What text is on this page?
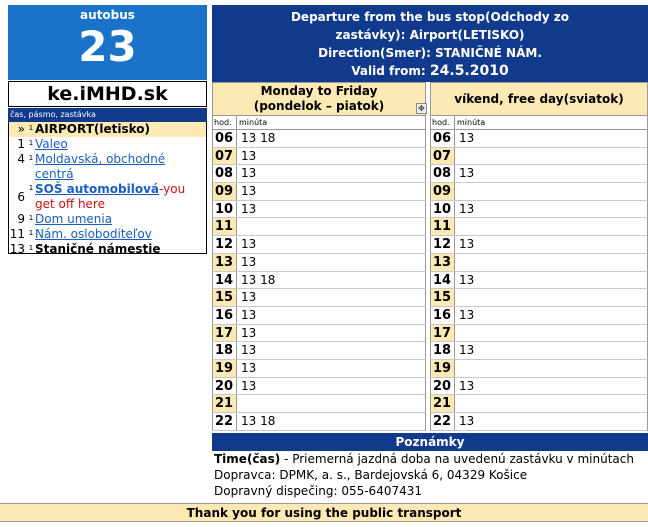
autobus
23
ke.iMHD.sk
čas, pásmo, zastávka
» 1 AIRPORT(letisko)
1 1 Valeo
4 1 Moldavská, obchodné centrá
6
1 SOŠ automobilová-you
get off here
9 1 Dom umenia
11 1 Nám. osloboditeľov
13 1 Staničné námestie
Departure from the bus stop(Odchody zo
zastávky): Airport(LETISKO)
Direction(Smer): STANIČNÉ NÁM.
Valid from: 24.5.2010
Monday to Friday
(pondelok – piatok)	✥
hod. minúta
06 13 18
07 13
08 13
09 13
10 13
11
12 13
13 13
14 13 18
15 13
16 13
17 13
18 13
19 13
20 13
21
22 13 18
víkend, free day(sviatok)
hod. minúta
06 13
07
08 13
09
10 13
11
12 13
13
14 13
15
16 13
17
18 13
19
20 13
21
22 13
Poznámky
Time(čas) - Priemerná jazdná doba na uvedenú zastávku v minútach
Dopravca: DPMK, a. s., Bardejovská 6, 04329 Košice
Dopravný dispečing: 055-6407431
Thank you for using the public transport
